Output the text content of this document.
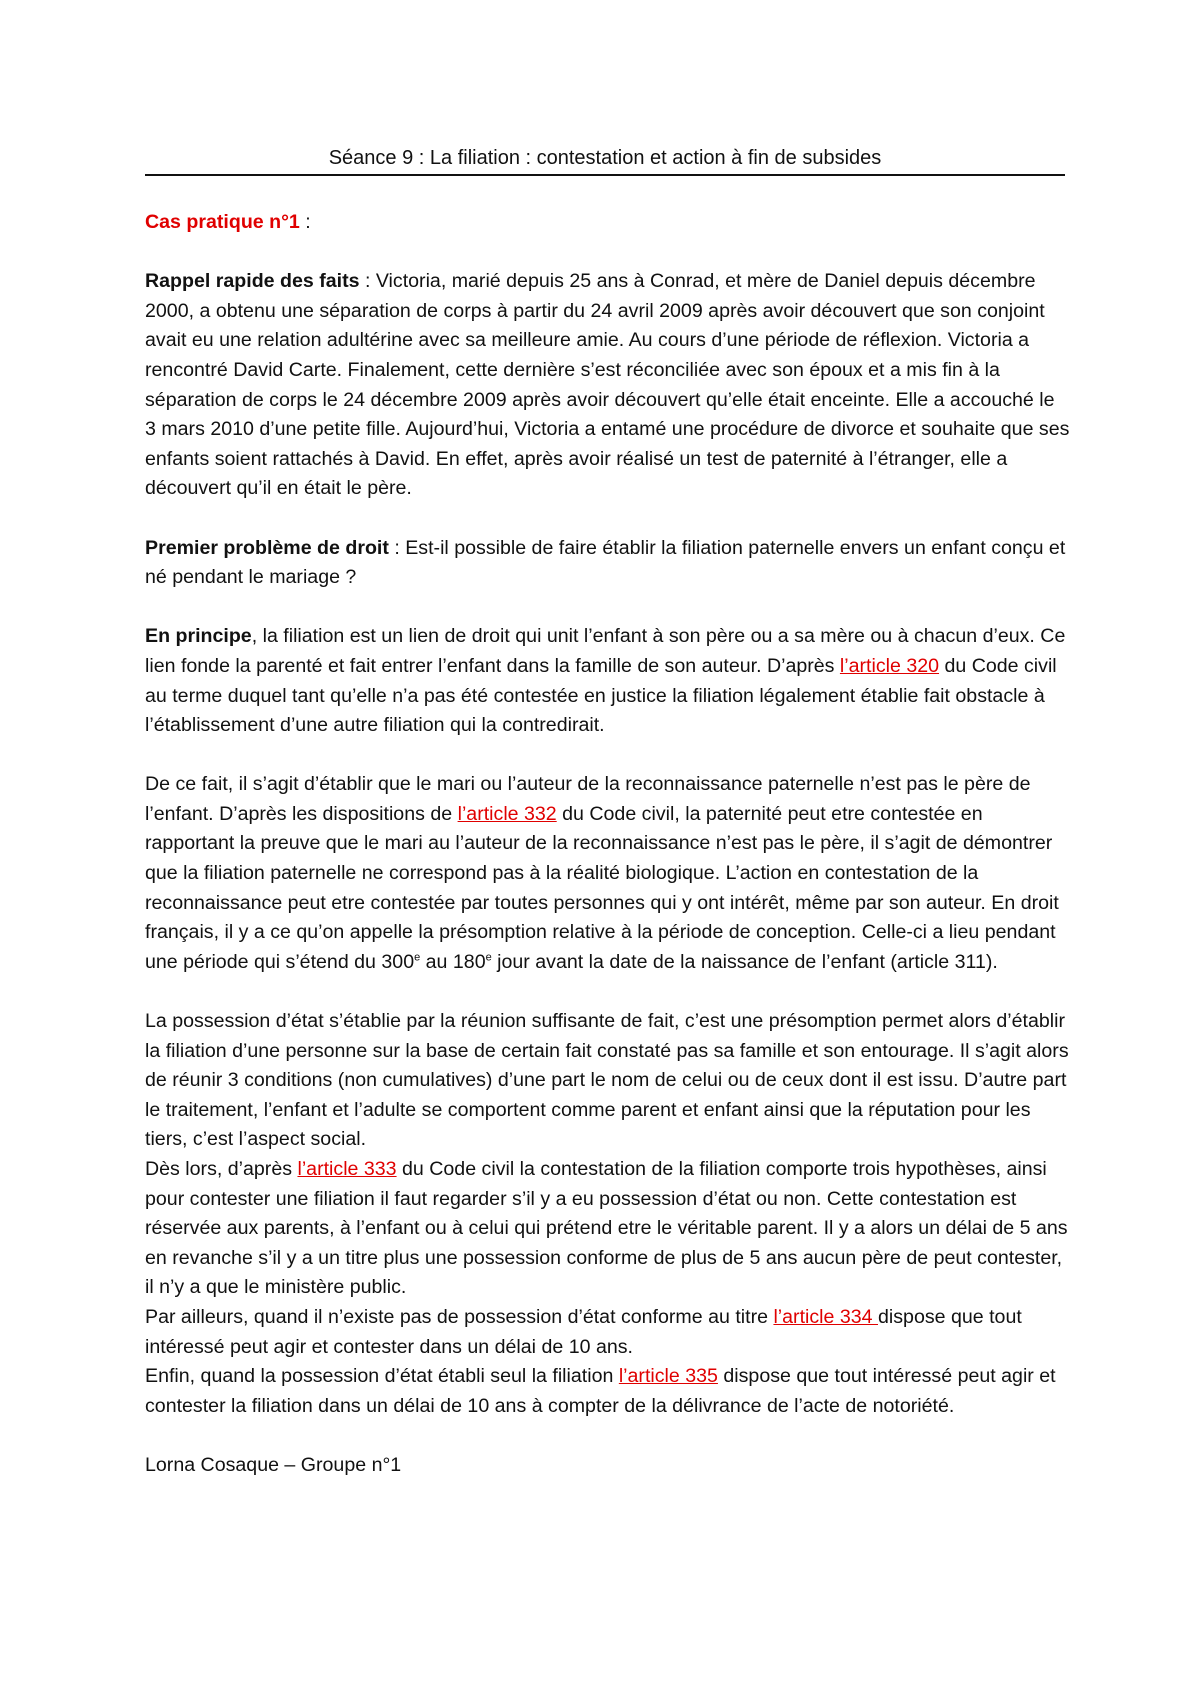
Séance 9 : La filiation : contestation et action à fin de subsides

Cas pratique n°1 :

Rappel rapide des faits : Victoria, marié depuis 25 ans à Conrad, et mère de Daniel depuis décembre 2000, a obtenu une séparation de corps à partir du 24 avril 2009 après avoir découvert que son conjoint avait eu une relation adultérine avec sa meilleure amie. Au cours d’une période de réflexion. Victoria a rencontré David Carte. Finalement, cette dernière s’est réconciliée avec son époux et a mis fin à la séparation de corps le 24 décembre 2009 après avoir découvert qu’elle était enceinte. Elle a accouché le 3 mars 2010 d’une petite fille. Aujourd’hui, Victoria a entamé une procédure de divorce et souhaite que ses enfants soient rattachés à David. En effet, après avoir réalisé un test de paternité à l’étranger, elle a découvert qu’il en était le père.

Premier problème de droit : Est-il possible de faire établir la filiation paternelle envers un enfant conçu et né pendant le mariage ?

En principe, la filiation est un lien de droit qui unit l’enfant à son père ou a sa mère ou à chacun d’eux. Ce lien fonde la parenté et fait entrer l’enfant dans la famille de son auteur. D’après l’article 320 du Code civil au terme duquel tant qu’elle n’a pas été contestée en justice la filiation légalement établie fait obstacle à l’établissement d’une autre filiation qui la contredirait.

De ce fait, il s’agit d’établir que le mari ou l’auteur de la reconnaissance paternelle n’est pas le père de l’enfant. D’après les dispositions de l’article 332 du Code civil, la paternité peut etre contestée en rapportant la preuve que le mari au l’auteur de la reconnaissance n’est pas le père, il s’agit de démontrer que la filiation paternelle ne correspond pas à la réalité biologique. L’action en contestation de la reconnaissance peut etre contestée par toutes personnes qui y ont intérêt, même par son auteur. En droit français, il y a ce qu’on appelle la présomption relative à la période de conception. Celle-ci a lieu pendant une période qui s’étend du 300e au 180e jour avant la date de la naissance de l’enfant (article 311).

La possession d’état s’établie par la réunion suffisante de fait, c’est une présomption permet alors d’établir la filiation d’une personne sur la base de certain fait constaté pas sa famille et son entourage. Il s’agit alors de réunir 3 conditions (non cumulatives) d’une part le nom de celui ou de ceux dont il est issu. D’autre part le traitement, l’enfant et l’adulte se comportent comme parent et enfant ainsi que la réputation pour les tiers, c’est l’aspect social.

Dès lors, d’après l’article 333 du Code civil la contestation de la filiation comporte trois hypothèses, ainsi pour contester une filiation il faut regarder s’il y a eu possession d’état ou non. Cette contestation est réservée aux parents, à l’enfant ou à celui qui prétend etre le véritable parent. Il y a alors un délai de 5 ans en revanche s’il y a un titre plus une possession conforme de plus de 5 ans aucun père de peut contester, il n’y a que le ministère public.

Par ailleurs, quand il n’existe pas de possession d’état conforme au titre l’article 334 dispose que tout intéressé peut agir et contester dans un délai de 10 ans.

Enfin, quand la possession d’état établi seul la filiation l’article 335 dispose que tout intéressé peut agir et contester la filiation dans un délai de 10 ans à compter de la délivrance de l’acte de notoriété.

Lorna Cosaque – Groupe n°1
